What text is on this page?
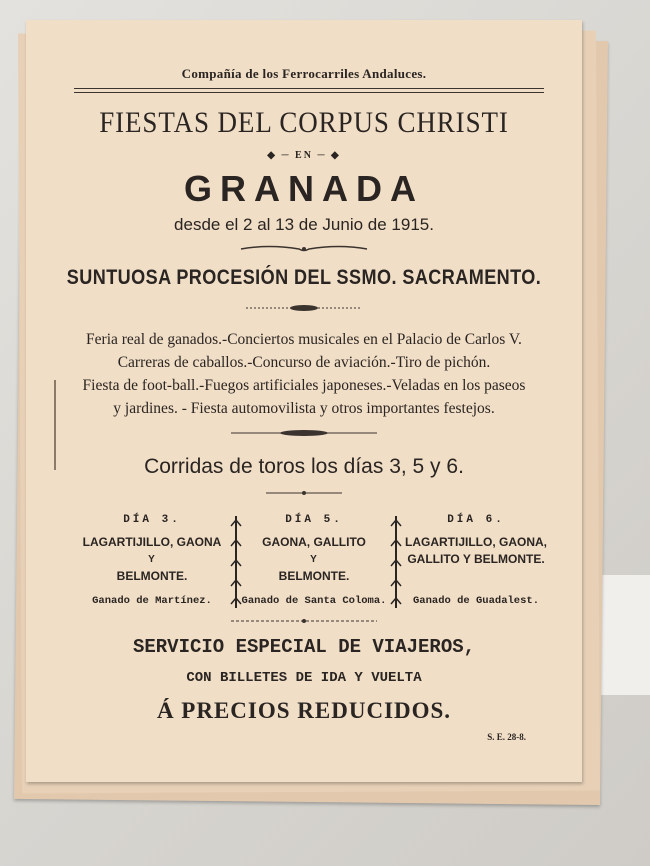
Compañía de los Ferrocarriles Andaluces.
FIESTAS DEL CORPUS CHRISTI
◆ ─ EN ─ ◆
GRANADA
desde el 2 al 13 de Junio de 1915.
SUNTUOSA PROCESIÓN DEL SSMO. SACRAMENTO.
Feria real de ganados.-Conciertos musicales en el Palacio de Carlos V.
Carreras de caballos.-Concurso de aviación.-Tiro de pichón.
Fiesta de foot-ball.-Fuegos artificiales japoneses.-Veladas en los paseos
y jardines. - Fiesta automovilista y otros importantes festejos.
Corridas de toros los días 3, 5 y 6.
DÍA 3.
LAGARTIJILLO, GAONA
Y
BELMONTE.
Ganado de Martínez.
DÍA 5.
GAONA, GALLITO
Y
BELMONTE.
Ganado de Santa Coloma.
DÍA 6.
LAGARTIJILLO, GAONA,
GALLITO Y BELMONTE.
Ganado de Guadalest.
SERVICIO ESPECIAL DE VIAJEROS,
CON BILLETES DE IDA Y VUELTA
Á PRECIOS REDUCIDOS.
S. E. 28-8.
